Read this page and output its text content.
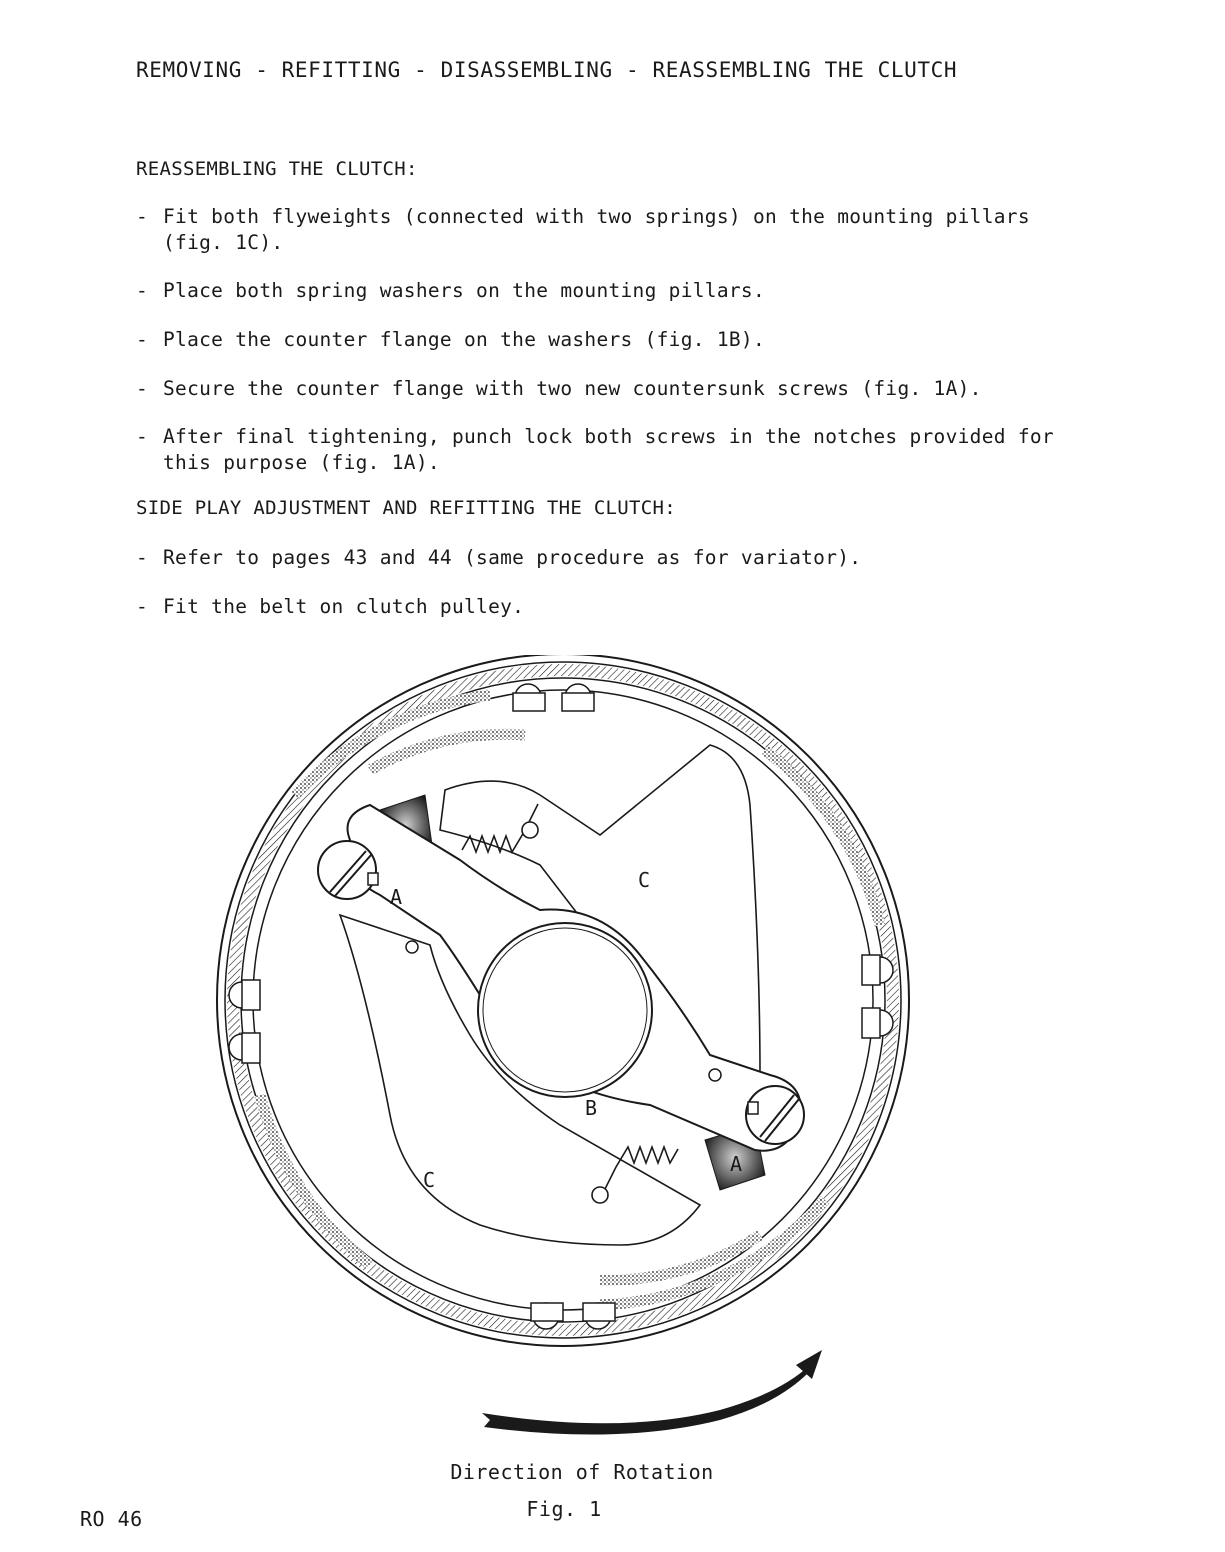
REMOVING - REFITTING - DISASSEMBLING - REASSEMBLING THE CLUTCH
REASSEMBLING THE CLUTCH:
- Fit both flyweights (connected with two springs) on the mounting pillars (fig. 1C).
- Place both spring washers on the mounting pillars.
- Place the counter flange on the washers (fig. 1B).
- Secure the counter flange with two new countersunk screws (fig. 1A).
- After final tightening, punch lock both screws in the notches provided for this purpose (fig. 1A).
SIDE PLAY ADJUSTMENT AND REFITTING THE CLUTCH:
- Refer to pages 43 and 44 (same procedure as for variator).
- Fit the belt on clutch pulley.
A
C
B
A
C
Direction of Rotation
Fig. 1
RO 46
